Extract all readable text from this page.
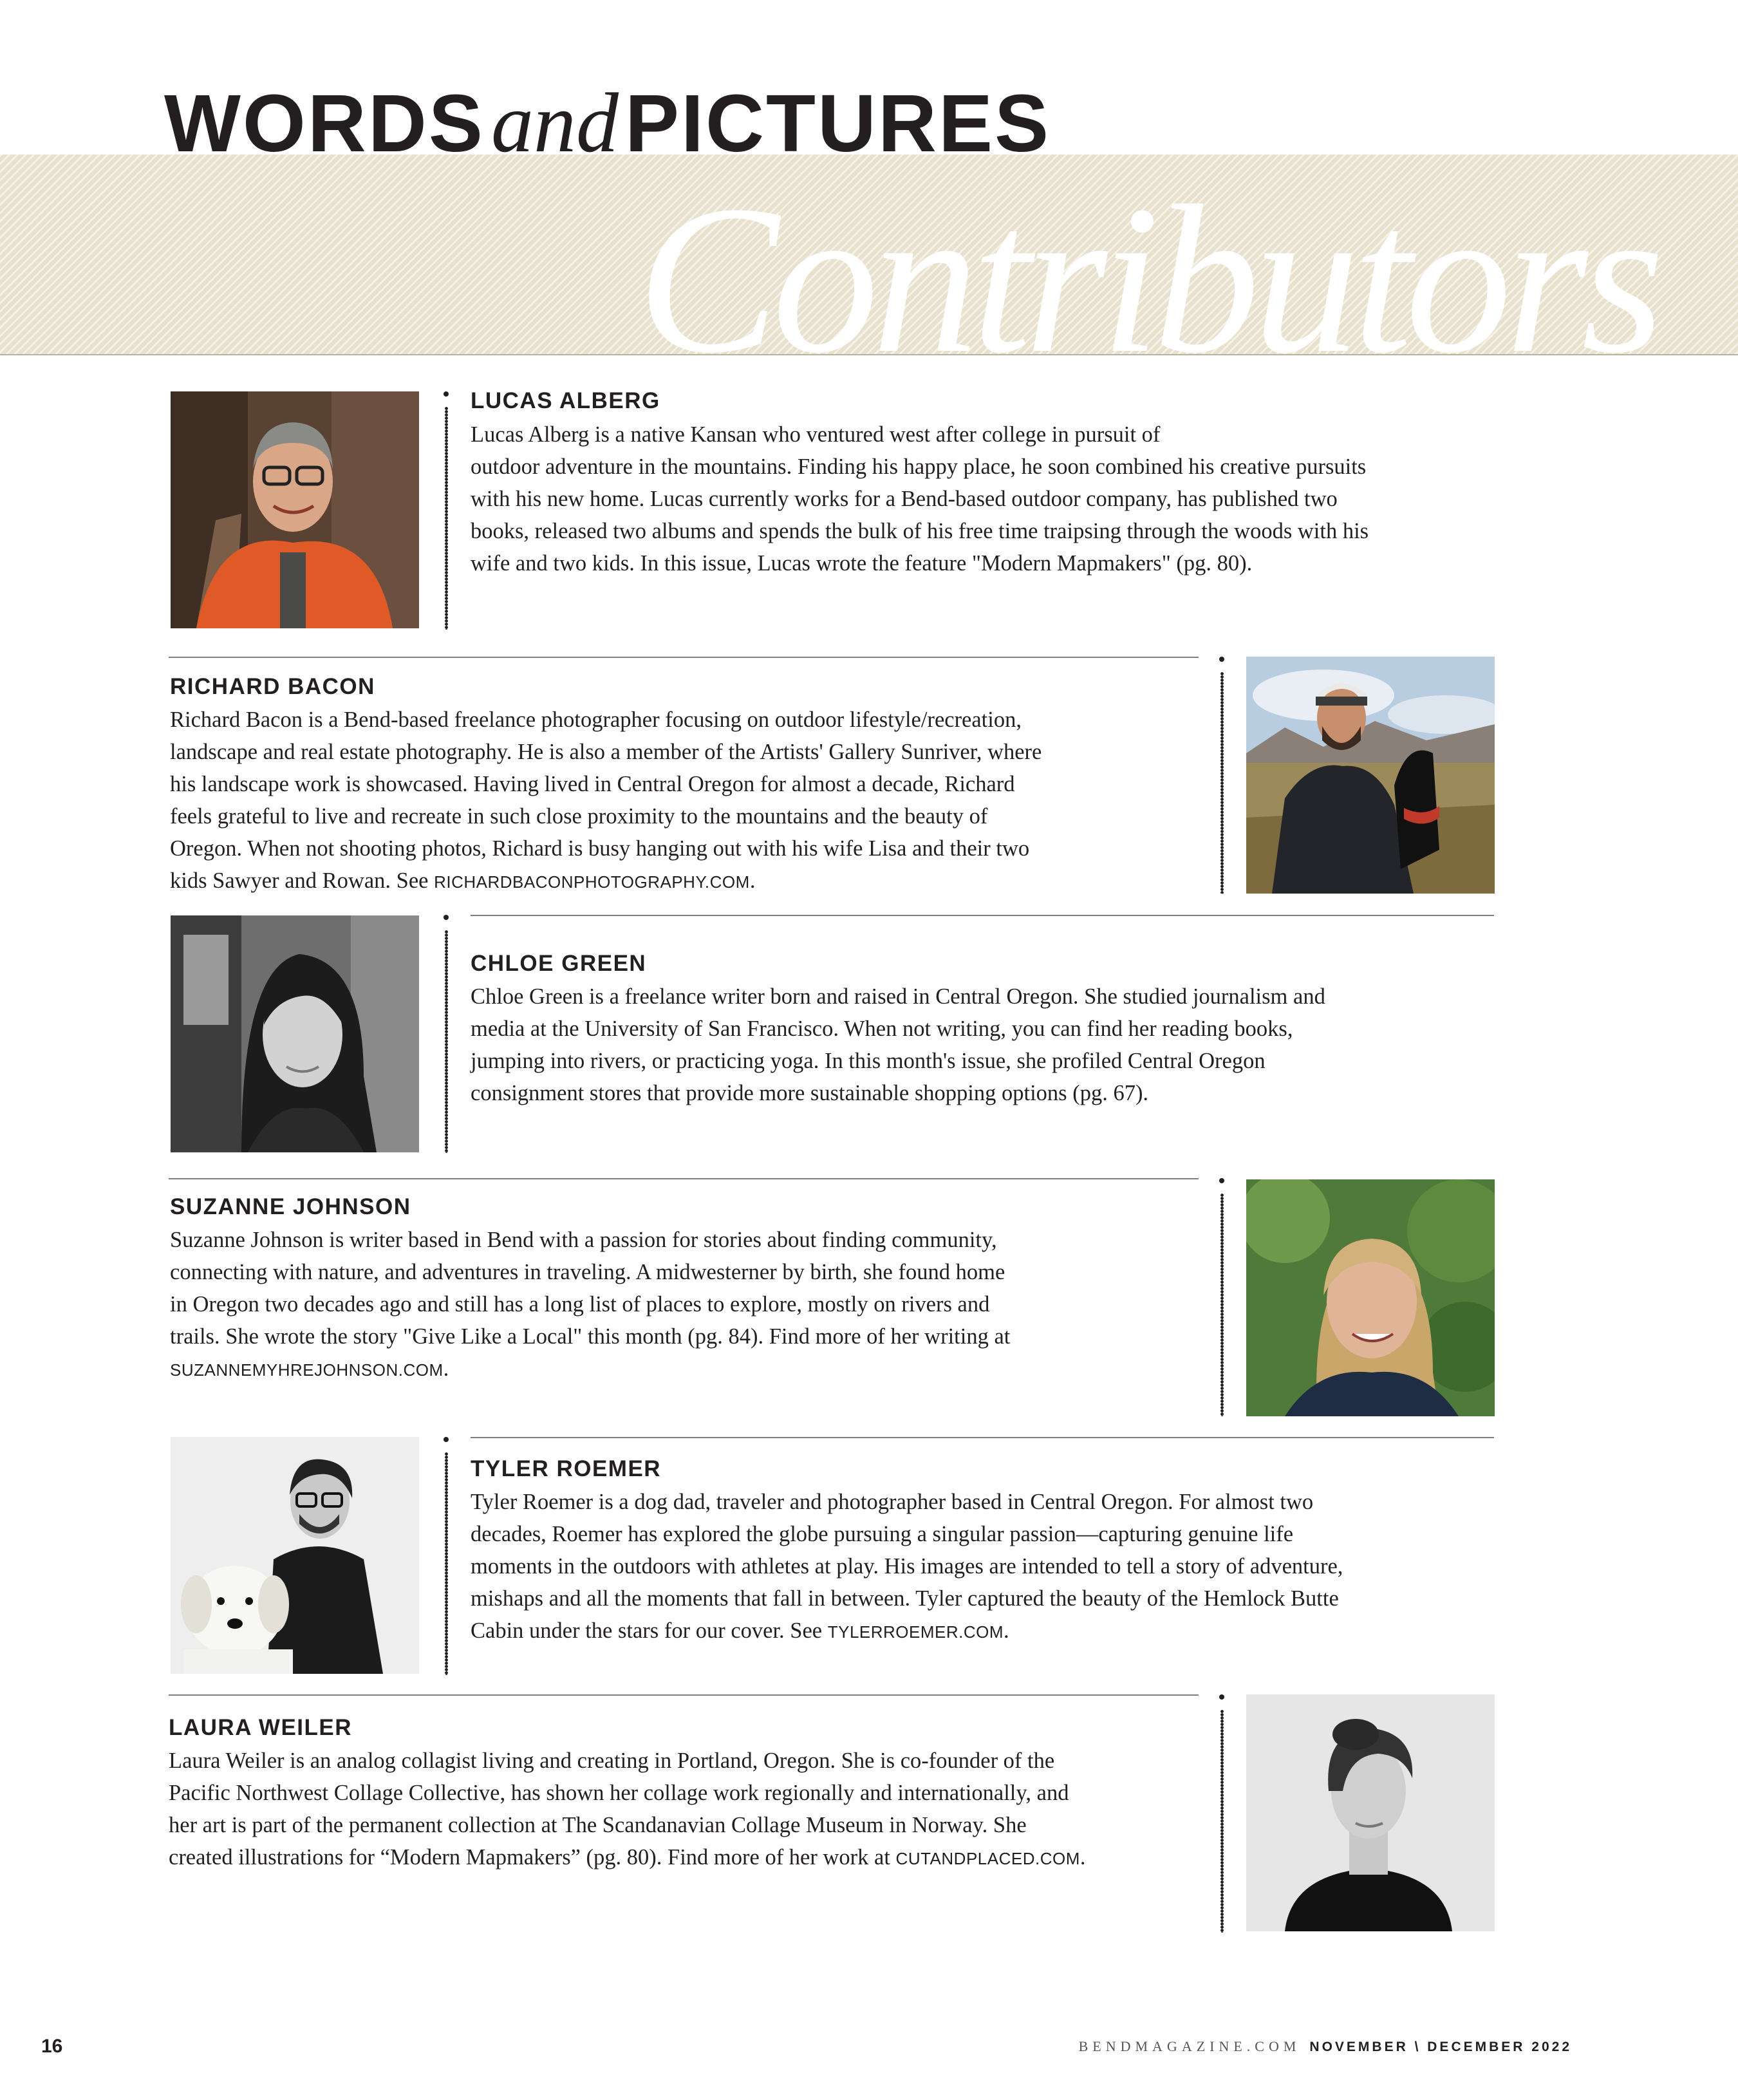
Contributors
WORDSandPICTURES
LUCAS ALBERG

Lucas Alberg is a native Kansan who ventured west after college in pursuit of
outdoor adventure in the mountains. Finding his happy place, he soon combined his creative pursuits
with his new home. Lucas currently works for a Bend-based outdoor company, has published two
books, released two albums and spends the bulk of his free time traipsing through the woods with his
wife and two kids. In this issue, Lucas wrote the feature "Modern Mapmakers" (pg. 80).

RICHARD BACON

Richard Bacon is a Bend-based freelance photographer focusing on outdoor lifestyle/recreation,
landscape and real estate photography. He is also a member of the Artists' Gallery Sunriver, where
his landscape work is showcased. Having lived in Central Oregon for almost a decade, Richard
feels grateful to live and recreate in such close proximity to the mountains and the beauty of
Oregon. When not shooting photos, Richard is busy hanging out with his wife Lisa and their two
kids Sawyer and Rowan. See RICHARDBACONPHOTOGRAPHY.COM.

CHLOE GREEN

Chloe Green is a freelance writer born and raised in Central Oregon. She studied journalism and
media at the University of San Francisco. When not writing, you can find her reading books,
jumping into rivers, or practicing yoga. In this month's issue, she profiled Central Oregon
consignment stores that provide more sustainable shopping options (pg. 67).

SUZANNE JOHNSON

Suzanne Johnson is writer based in Bend with a passion for stories about finding community,
connecting with nature, and adventures in traveling. A midwesterner by birth, she found home
in Oregon two decades ago and still has a long list of places to explore, mostly on rivers and
trails. She wrote the story "Give Like a Local" this month (pg. 84). Find more of her writing at
SUZANNEMYHREJOHNSON.COM.

TYLER ROEMER

Tyler Roemer is a dog dad, traveler and photographer based in Central Oregon. For almost two
decades, Roemer has explored the globe pursuing a singular passion—capturing genuine life
moments in the outdoors with athletes at play. His images are intended to tell a story of adventure,
mishaps and all the moments that fall in between. Tyler captured the beauty of the Hemlock Butte
Cabin under the stars for our cover. See TYLERROEMER.COM.

LAURA WEILER

Laura Weiler is an analog collagist living and creating in Portland, Oregon. She is co-founder of the
Pacific Northwest Collage Collective, has shown her collage work regionally and internationally, and
her art is part of the permanent collection at The Scandanavian Collage Museum in Norway. She
created illustrations for “Modern Mapmakers” (pg. 80). Find more of her work at CUTANDPLACED.COM.

16	BENDMAGAZINE.COM NOVEMBER \ DECEMBER 2022
